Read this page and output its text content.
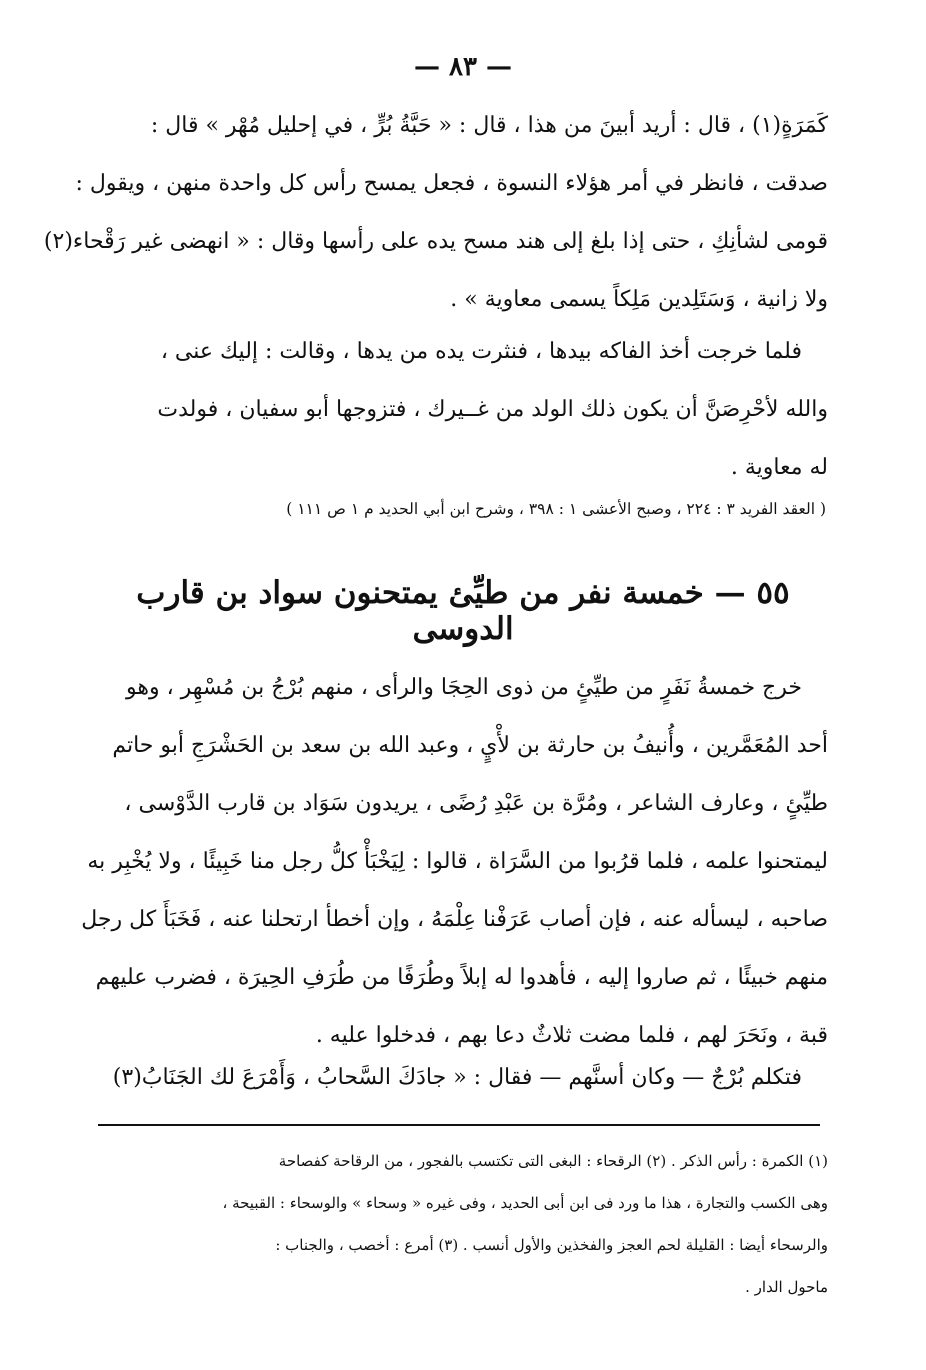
— ٨٣ —
كَمَرَةٍ(١) ، قال : أريد أبينَ من هذا ، قال : « حَبَّةُ بُرٍّ ، في إحليل مُهْر » قال :
صدقت ، فانظر في أمر هؤلاء النسوة ، فجعل يمسح رأس كل واحدة منهن ، ويقول :
قومى لشأنِكِ ، حتى إذا بلغ إلى هند مسح يده على رأسها وقال : « انهضى غير رَقْحاء(٢)
ولا زانية ، وَسَتَلِدين مَلِكاً يسمى معاوية » .
فلما خرجت أخذ الفاكه بيدها ، فنثرت يده من يدها ، وقالت : إليك عنى ،
والله لأحْرِصَنَّ أن يكون ذلك الولد من غــيرك ، فتزوجها أبو سفيان ، فولدت
له معاوية .
( العقد الفريد ٣ : ٢٢٤ ، وصبح الأعشى ١ : ٣٩٨ ، وشرح ابن أبي الحديد م ١ ص ١١١ )
٥٥ — خمسة نفر من طيِّئ يمتحنون سواد بن قارب الدوسى
خرج خمسةُ نَفَرٍ من طيِّئٍ من ذوى الحِجَا والرأى ، منهم بُرْجُ بن مُسْهِر ، وهو
أحد المُعَمَّرين ، وأُنيفُ بن حارثة بن لأْيٍ ، وعبد الله بن سعد بن الحَشْرَجِ أبو حاتم
طيِّئٍ ، وعارف الشاعر ، ومُرَّة بن عَبْدِ رُضًى ، يريدون سَوَاد بن قارب الدَّوْسى ،
ليمتحنوا علمه ، فلما قرُبوا من السَّرَاة ، قالوا : لِيَخْبَأْ كلُّ رجل منا خَبِيئًا ، ولا يُخْبِر به
صاحبه ، ليسأله عنه ، فإن أصاب عَرَفْنا عِلْمَهُ ، وإن أخطأ ارتحلنا عنه ، فَخَبَأَ كل رجل
منهم خبيئًا ، ثم صاروا إليه ، فأهدوا له إبلاً وطُرَفًا من طُرَفِ الحِيرَة ، فضرب عليهم
قبة ، ونَحَرَ لهم ، فلما مضت ثلاثٌ دعا بهم ، فدخلوا عليه .
فتكلم بُرْجٌ — وكان أسنَّهم — فقال : « جادَكَ السَّحابُ ، وَأَمْرَعَ لك الجَنَابُ(٣)
(١) الكمرة : رأس الذكر . (٢) الرقحاء : البغى التى تكتسب بالفجور ، من الرقاحة كفصاحة
وهى الكسب والتجارة ، هذا ما ورد فى ابن أبى الحديد ، وفى غيره « وسحاء » والوسحاء : القبيحة ،
والرسحاء أيضا : القليلة لحم العجز والفخذين والأول أنسب . (٣) أمرع : أخصب ، والجناب :
ماحول الدار .
